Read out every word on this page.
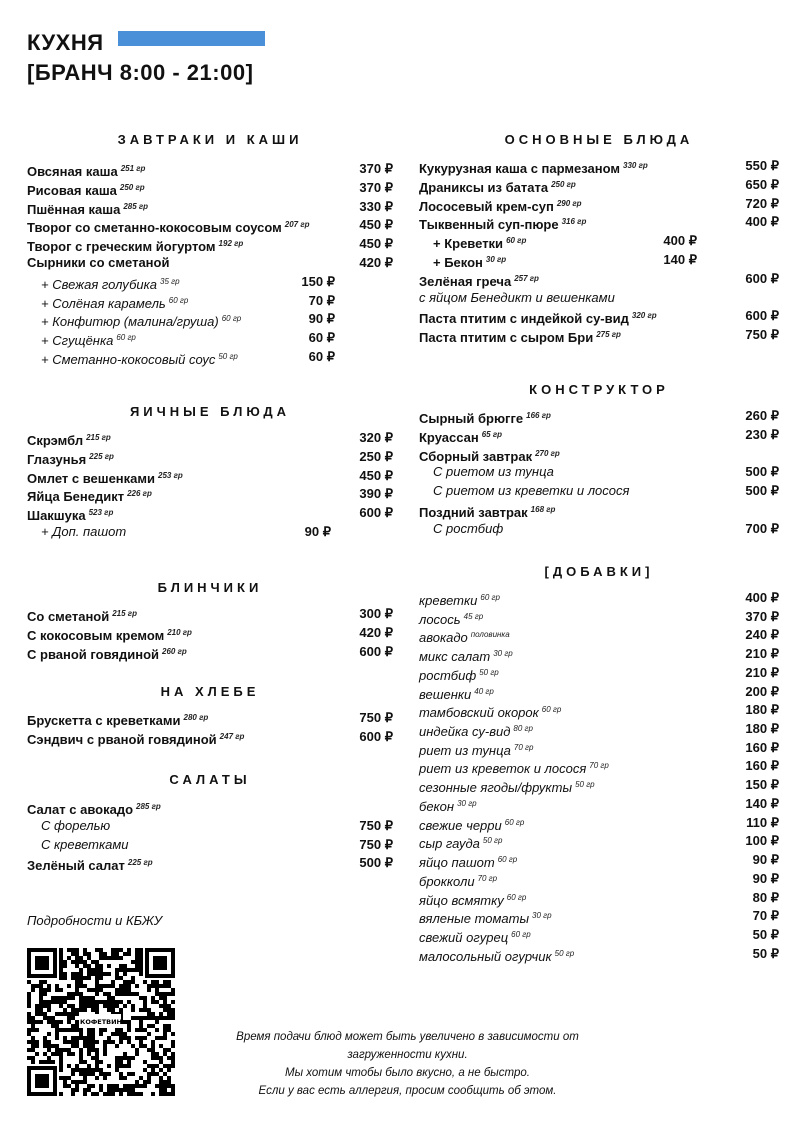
КУХНЯ
[БРАНЧ 8:00 - 21:00]
ЗАВТРАКИ И КАШИ
Овсяная каша $^{251 гр}$	370 ₽
Рисовая каша $^{250 гр}$	370 ₽
Пшённая каша $^{285 гр}$	330 ₽
Творог со сметанно-кокосовым соусом $^{207 гр}$	450 ₽
Творог с греческим йогуртом $^{192 гр}$	450 ₽
Сырники со сметаной	420 ₽
+ Свежая голубика $^{35 гр}$	150 ₽
+ Солёная карамель $^{60 гр}$	70 ₽
+ Конфитюр (малина/груша) $^{60 гр}$	90 ₽
+ Сгущёнка $^{60 гр}$	60 ₽
+ Сметанно-кокосовый соус $^{50 гр}$	60 ₽
ЯИЧНЫЕ БЛЮДА
Скрэмбл $^{215 гр}$	320 ₽
Глазунья $^{225 гр}$	250 ₽
Омлет с вешенками $^{253 гр}$	450 ₽
Яйца Бенедикт $^{226 гр}$	390 ₽
Шакшука $^{523 гр}$	600 ₽
+ Доп. пашот	90 ₽
БЛИНЧИКИ
Со сметаной $^{215 гр}$	300 ₽
С кокосовым кремом $^{210 гр}$	420 ₽
С рваной говядиной $^{260 гр}$	600 ₽
НА ХЛЕБЕ
Брускетта с креветками $^{280 гр}$	750 ₽
Сэндвич с рваной говядиной $^{247 гр}$	600 ₽
САЛАТЫ
Салат с авокадо $^{285 гр}$
С форелью	750 ₽
С креветками	750 ₽
Зелёный салат $^{225 гр}$	500 ₽
ОСНОВНЫЕ БЛЮДА
Кукурузная каша с пармезаном $^{330 гр}$	550 ₽
Драниксы из батата $^{250 гр}$	650 ₽
Лососевый крем-суп $^{290 гр}$	720 ₽
Тыквенный суп-пюре $^{316 гр}$	400 ₽
+ Креветки $^{60 гр}$	400 ₽
+ Бекон $^{30 гр}$	140 ₽
Зелёная греча $^{257 гр}$	600 ₽
с яйцом Бенедикт и вешенками
Паста птитим с индейкой су-вид $^{320 гр}$	600 ₽
Паста птитим с сыром Бри $^{275 гр}$	750 ₽
КОНСТРУКТОР
Сырный брюгге $^{166 гр}$	260 ₽
Круассан $^{65 гр}$	230 ₽
Сборный завтрак $^{270 гр}$
С риетом из тунца	500 ₽
С риетом из креветки и лосося	500 ₽
Поздний завтрак $^{168 гр}$
С ростбиф	700 ₽
[ДОБАВКИ]
креветки $^{60 гр}$	400 ₽
лосось $^{45 гр}$	370 ₽
авокадо $^{половинка}$	240 ₽
микс салат $^{30 гр}$	210 ₽
ростбиф $^{50 гр}$	210 ₽
вешенки $^{40 гр}$	200 ₽
тамбовский окорок $^{60 гр}$	180 ₽
индейка су-вид $^{80 гр}$	180 ₽
риет из тунца $^{70 гр}$	160 ₽
риет из креветок и лосося $^{70 гр}$	160 ₽
сезонные ягоды/фрукты $^{50 гр}$	150 ₽
бекон $^{30 гр}$	140 ₽
свежие черри $^{60 гр}$	110 ₽
сыр гауда $^{50 гр}$	100 ₽
яйцо пашот $^{60 гр}$	90 ₽
брокколи $^{70 гр}$	90 ₽
яйцо всмятку $^{60 гр}$	80 ₽
вяленые томаты $^{30 гр}$	70 ₽
свежий огурец $^{60 гр}$	50 ₽
малосольный огурчик $^{50 гр}$	50 ₽
Подробности и КБЖУ
КОФЕТВИН
Время подачи блюд может быть увеличено в зависимости от
загруженности кухни.
Мы хотим чтобы было вкусно, а не быстро.
Если у вас есть аллергия, просим сообщить об этом.
